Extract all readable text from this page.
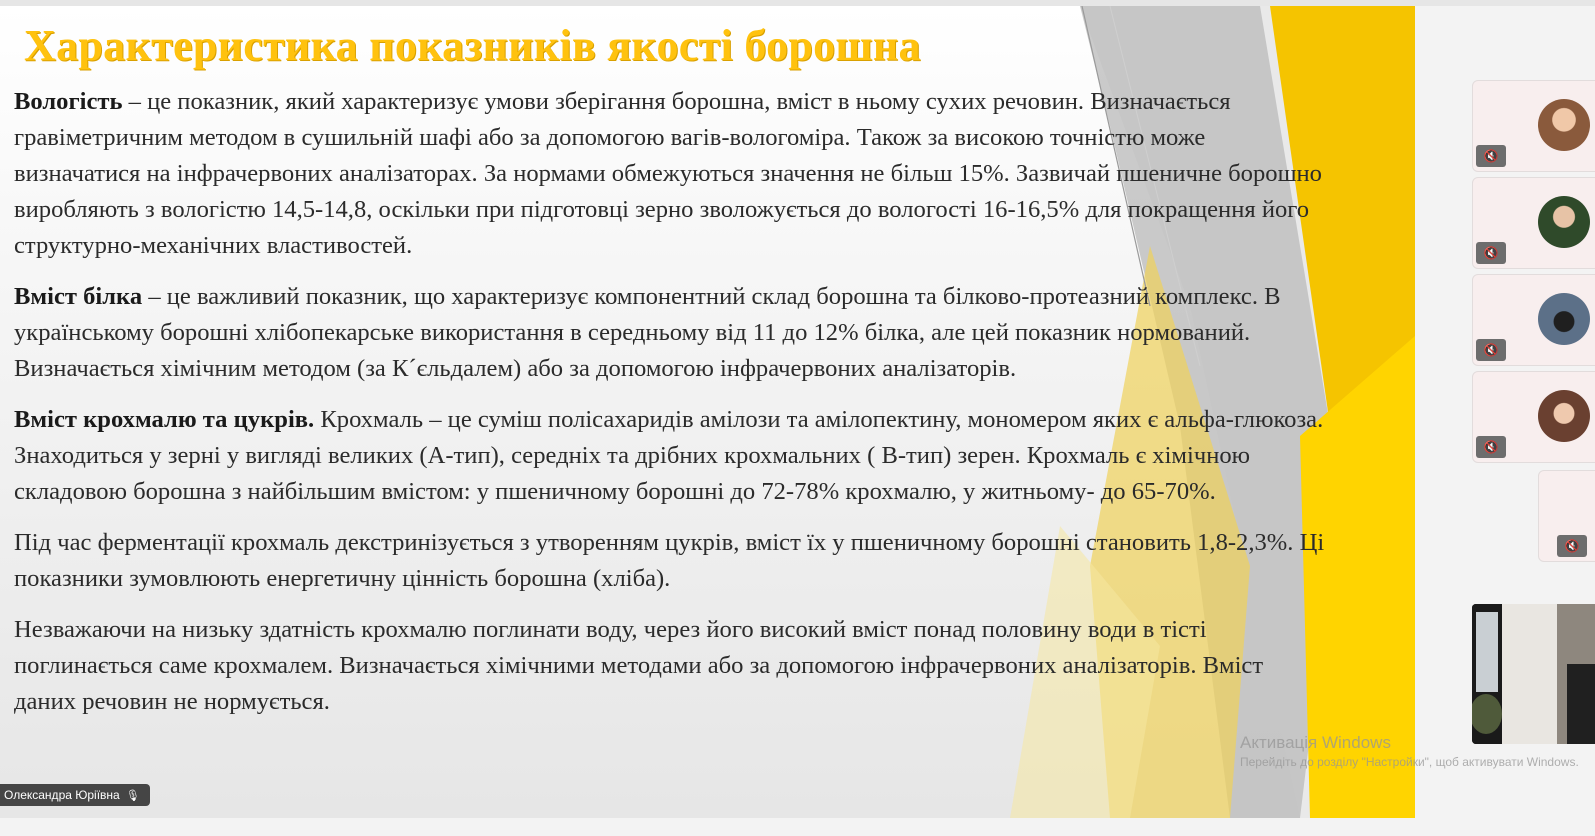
Характеристика показників якості борошна

Вологість – це показник, який характеризує умови зберігання борошна, вміст в ньому сухих речовин. Визначається гравіметричним методом в сушильній шафі або за допомогою вагів-вологоміра. Також за високою точністю може визначатися на інфрачервоних аналізаторах. За нормами обмежуються значення не більш 15%. Зазвичай пшеничне борошно виробляють з вологістю 14,5-14,8, оскільки при підготовці зерно зволожується до вологості 16-16,5% для покращення його структурно-механічних властивостей.

Вміст білка – це важливий показник, що характеризує компонентний склад борошна та білково-протеазний комплекс. В українському борошні хлібопекарське використання в середньому від 11 до 12% білка, але цей показник нормований. Визначається хімічним методом (за К´єльдалем) або за допомогою інфрачервоних аналізаторів.

Вміст крохмалю та цукрів. Крохмаль – це суміш полісахаридів амілози та амілопектину, мономером яких є альфа-глюкоза. Знаходиться у зерні у вигляді великих (А-тип), середніх та дрібних крохмальних ( В-тип) зерен. Крохмаль є хімічною складовою борошна з найбільшим вмістом: у пшеничному борошні до 72-78% крохмалю, у житньому- до 65-70%.

Під час ферментації крохмаль декстринізується з утворенням цукрів, вміст їх у пшеничному борошні становить 1,8-2,3%. Ці показники зумовлюють енергетичну цінність борошна (хліба).

Незважаючи на низьку здатність крохмалю поглинати воду, через його високий вміст понад половину води в тісті поглинається саме крохмалем. Визначається хімічними методами або за допомогою інфрачервоних аналізаторів. Вміст даних речовин не нормується.

🔇
🔇
🔇
🔇
🔇
Олександра Юріївна 🎙
Активація Windows
Перейдіть до розділу "Настройки", щоб активувати Windows.
